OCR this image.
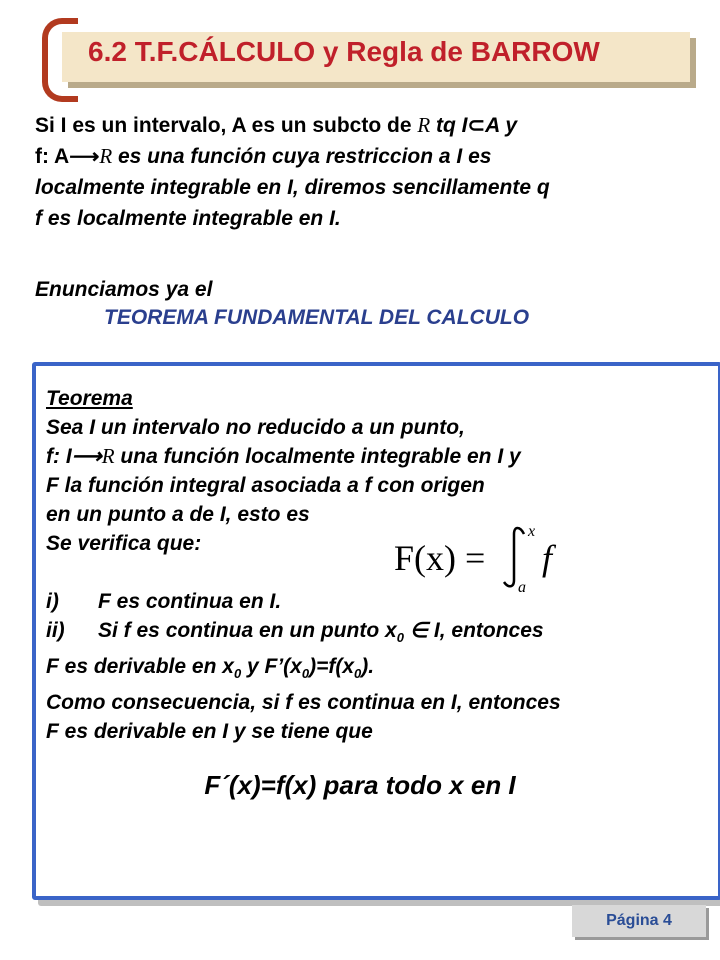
6.2 T.F.CÁLCULO y Regla de BARROW
Si I es un intervalo, A es un subcto de R tq I⊂A y
f: A⟶R es una función cuya restriccion a I es
localmente integrable en I, diremos sencillamente q
f es localmente integrable en I.
Enunciamos ya el
TEOREMA FUNDAMENTAL DEL CALCULO
Teorema
Sea I un intervalo no reducido a un punto,
f: I⟶R una función localmente integrable en I y
F la función integral asociada a f con origen
en un punto a de I, esto es
Se verifica que:

i) F es continua en I.
ii) Si f es continua en un punto $x_0$ ∈ I, entonces
F es derivable en $x_0$ y $F’(x_0)=f(x_0)$.
Como consecuencia, si f es continua en I, entonces
F es derivable en I y se tiene que
F(x) =
x
a
f
F´(x)=f(x) para todo x en I
Página 4
